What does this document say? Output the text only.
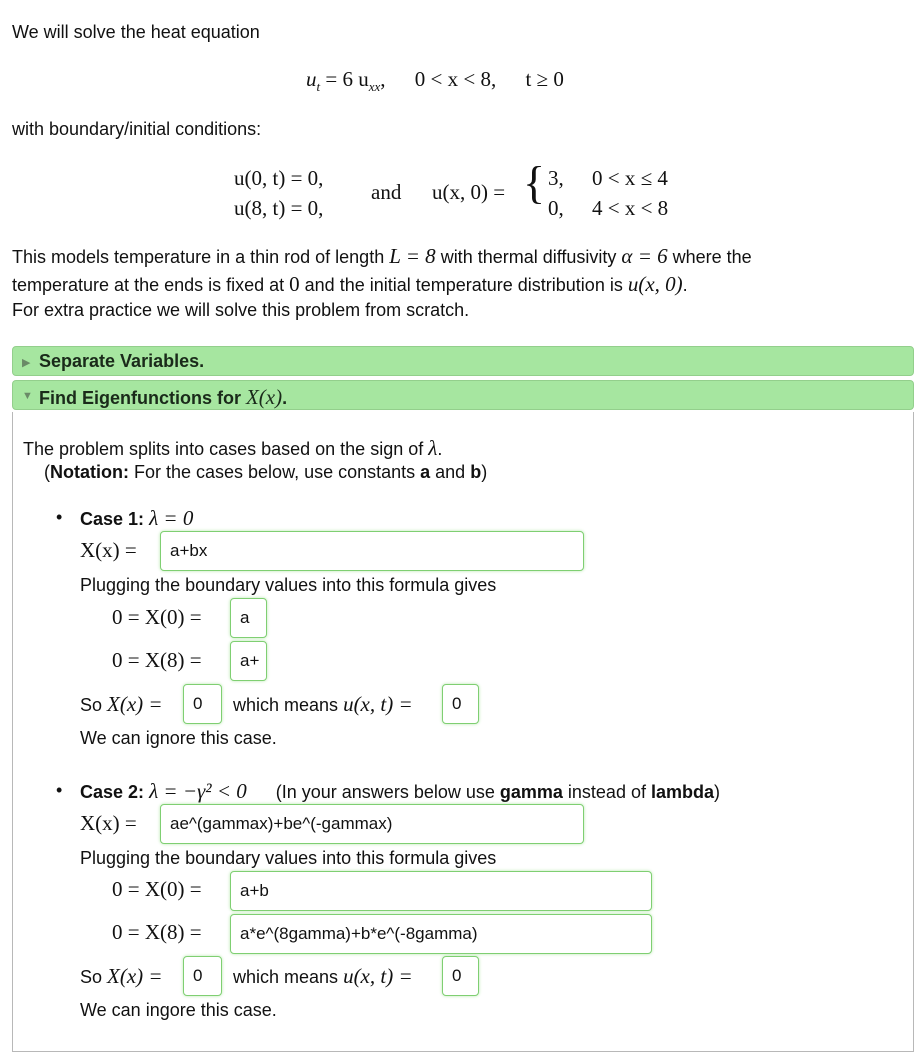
We will solve the heat equation
$u_t = 6$ $u_{xx}$, 0 < x < 8, t ≥ 0
with boundary/initial conditions:
u(0, t) = 0,
u(8, t) = 0,
and u(x, 0) = { 3, 0 < x ≤ 4
0, 4 < x < 8
This models temperature in a thin rod of length L = 8 with thermal diffusivity α = 6 where the
temperature at the ends is fixed at 0 and the initial temperature distribution is u(x, 0).
For extra practice we will solve this problem from scratch.
▶ Separate Variables.
▼ Find Eigenfunctions for X(x).
The problem splits into cases based on the sign of λ.
(Notation: For the cases below, use constants a and b)
• Case 1: λ = 0
X(x) =	a+bx
Plugging the boundary values into this formula gives
0 = X(0) =	a
0 = X(8) =	a+
So X(x) =	0	which means u(x, t) =	0
We can ignore this case.
• Case 2: λ = −γ² < 0 (In your answers below use gamma instead of lambda)
X(x) =	ae^(gammax)+be^(-gammax)
Plugging the boundary values into this formula gives
0 = X(0) =	a+b
0 = X(8) =	a*e^(8gamma)+b*e^(-8gamma)
So X(x) =	0	which means u(x, t) =	0
We can ingore this case.
